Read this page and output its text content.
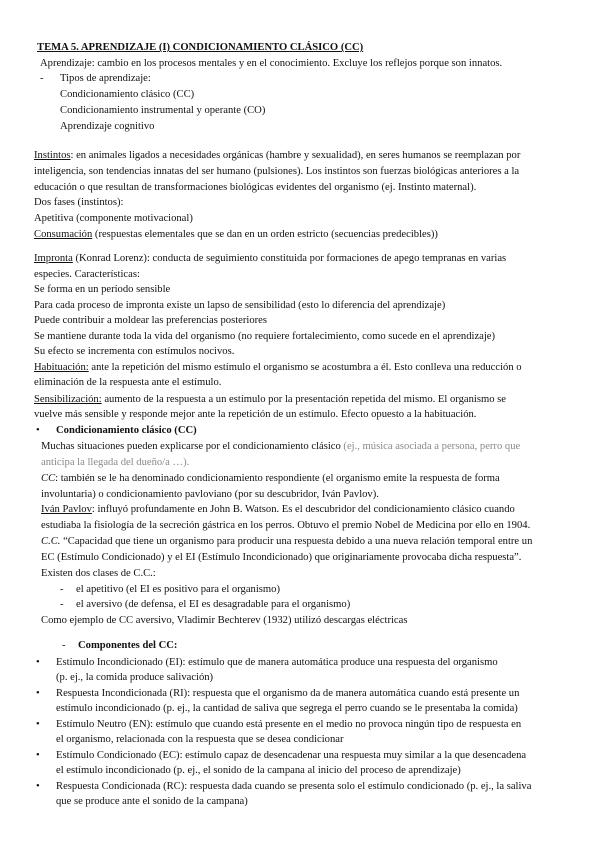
TEMA 5. APRENDIZAJE (I) CONDICIONAMIENTO CLÁSICO (CC)
Aprendizaje: cambio en los procesos mentales y en el conocimiento. Excluye los reflejos porque son innatos.
- Tipos de aprendizaje:
Condicionamiento clásico (CC)
Condicionamiento instrumental y operante (CO)
Aprendizaje cognitivo
Instintos: en animales ligados a necesidades orgánicas (hambre y sexualidad), en seres humanos se reemplazan por
inteligencia, son tendencias innatas del ser humano (pulsiones). Los instintos son fuerzas biológicas anteriores a la
educación o que resultan de transformaciones biológicas evidentes del organismo (ej. Instinto maternal).
Dos fases (instintos):
Apetitiva (componente motivacional)
Consumación (respuestas elementales que se dan en un orden estricto (secuencias predecibles))
Impronta (Konrad Lorenz): conducta de seguimiento constituida por formaciones de apego tempranas en varias
especies. Características:
Se forma en un período sensible
Para cada proceso de impronta existe un lapso de sensibilidad (esto lo diferencia del aprendizaje)
Puede contribuir a moldear las preferencias posteriores
Se mantiene durante toda la vida del organismo (no requiere fortalecimiento, como sucede en el aprendizaje)
Su efecto se incrementa con estímulos nocivos.
Habituación: ante la repetición del mismo estímulo el organismo se acostumbra a él. Esto conlleva una reducción o
eliminación de la respuesta ante el estímulo.
Sensibilización: aumento de la respuesta a un estímulo por la presentación repetida del mismo. El organismo se
vuelve más sensible y responde mejor ante la repetición de un estímulo. Efecto opuesto a la habituación.
• Condicionamiento clásico (CC)
Muchas situaciones pueden explicarse por el condicionamiento clásico (ej., música asociada a persona, perro que
anticipa la llegada del dueño/a …).
CC: también se le ha denominado condicionamiento respondiente (el organismo emite la respuesta de forma
involuntaria) o condicionamiento pavloviano (por su descubridor, Iván Pavlov).
Iván Pavlov: influyó profundamente en John B. Watson. Es el descubridor del condicionamiento clásico cuando
estudiaba la fisiología de la secreción gástrica en los perros. Obtuvo el premio Nobel de Medicina por ello en 1904.
C.C. “Capacidad que tiene un organismo para producir una respuesta debido a una nueva relación temporal entre un
EC (Estímulo Condicionado) y el EI (Estímulo Incondicionado) que originariamente provocaba dicha respuesta”.
Existen dos clases de C.C.:
- el apetitivo (el EI es positivo para el organismo)
- el aversivo (de defensa, el EI es desagradable para el organismo)
Como ejemplo de CC aversivo, Vladimir Bechterev (1932) utilizó descargas eléctricas
- Componentes del CC:
• Estímulo Incondicionado (EI): estímulo que de manera automática produce una respuesta del organismo
(p. ej., la comida produce salivación)
• Respuesta Incondicionada (RI): respuesta que el organismo da de manera automática cuando está presente un
estímulo incondicionado (p. ej., la cantidad de saliva que segrega el perro cuando se le presentaba la comida)
• Estímulo Neutro (EN): estímulo que cuando está presente en el medio no provoca ningún tipo de respuesta en
el organismo, relacionada con la respuesta que se desea condicionar
• Estímulo Condicionado (EC): estímulo capaz de desencadenar una respuesta muy similar a la que desencadena
el estímulo incondicionado (p. ej., el sonido de la campana al inicio del proceso de aprendizaje)
• Respuesta Condicionada (RC): respuesta dada cuando se presenta solo el estímulo condicionado (p. ej., la saliva
que se produce ante el sonido de la campana)
